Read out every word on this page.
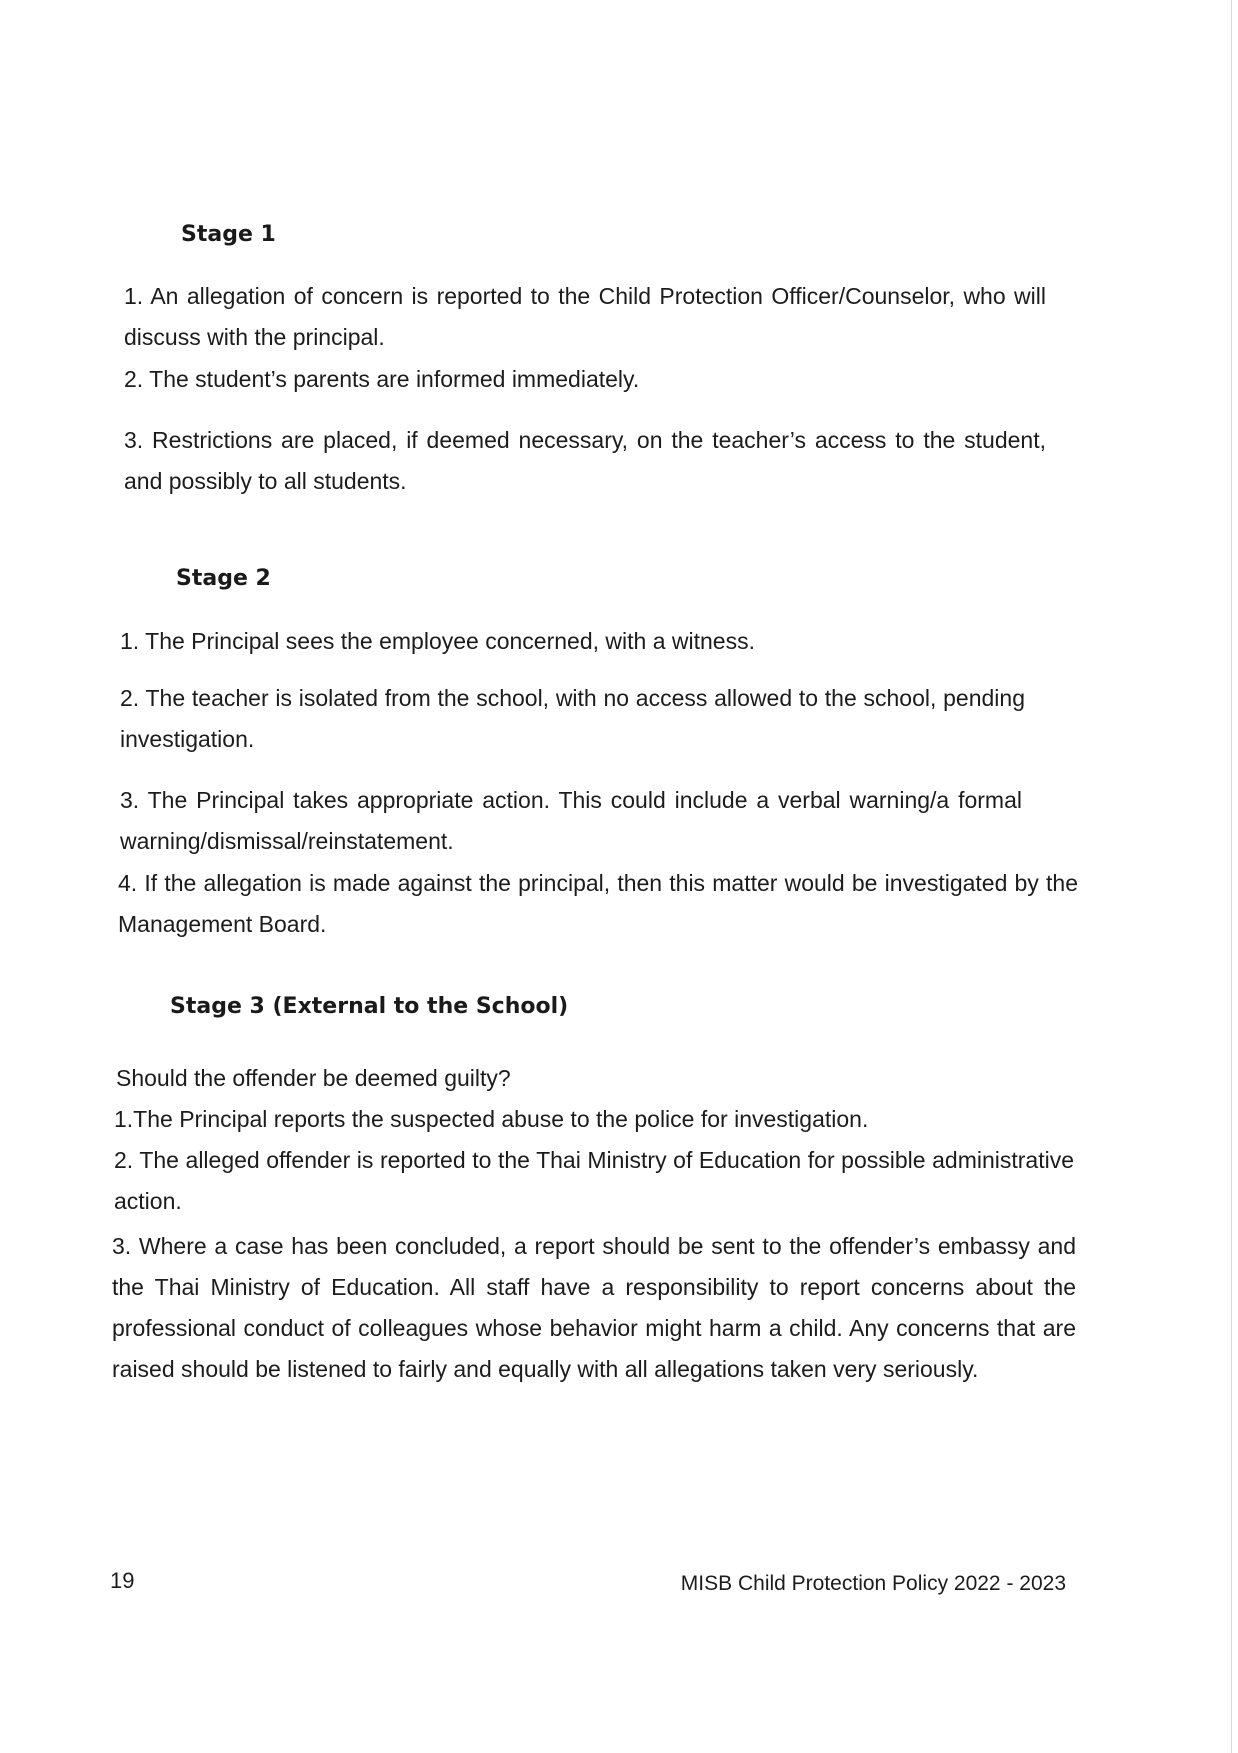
Stage 1
1. An allegation of concern is reported to the Child Protection Officer/Counselor, who will discuss with the principal.
2. The student’s parents are informed immediately.
3. Restrictions are placed, if deemed necessary, on the teacher’s access to the student, and possibly to all students.
Stage 2
1. The Principal sees the employee concerned, with a witness.
2. The teacher is isolated from the school, with no access allowed to the school, pending investigation.
3. The Principal takes appropriate action. This could include a verbal warning/a formal warning/dismissal/reinstatement.
4. If the allegation is made against the principal, then this matter would be investigated by the Management Board.
Stage 3 (External to the School)
Should the offender be deemed guilty?
1.The Principal reports the suspected abuse to the police for investigation.
2. The alleged offender is reported to the Thai Ministry of Education for possible administrative action.
3. Where a case has been concluded, a report should be sent to the offender’s embassy and the Thai Ministry of Education. All staff have a responsibility to report concerns about the professional conduct of colleagues whose behavior might harm a child. Any concerns that are raised should be listened to fairly and equally with all allegations taken very seriously.
19	MISB Child Protection Policy 2022 - 2023
